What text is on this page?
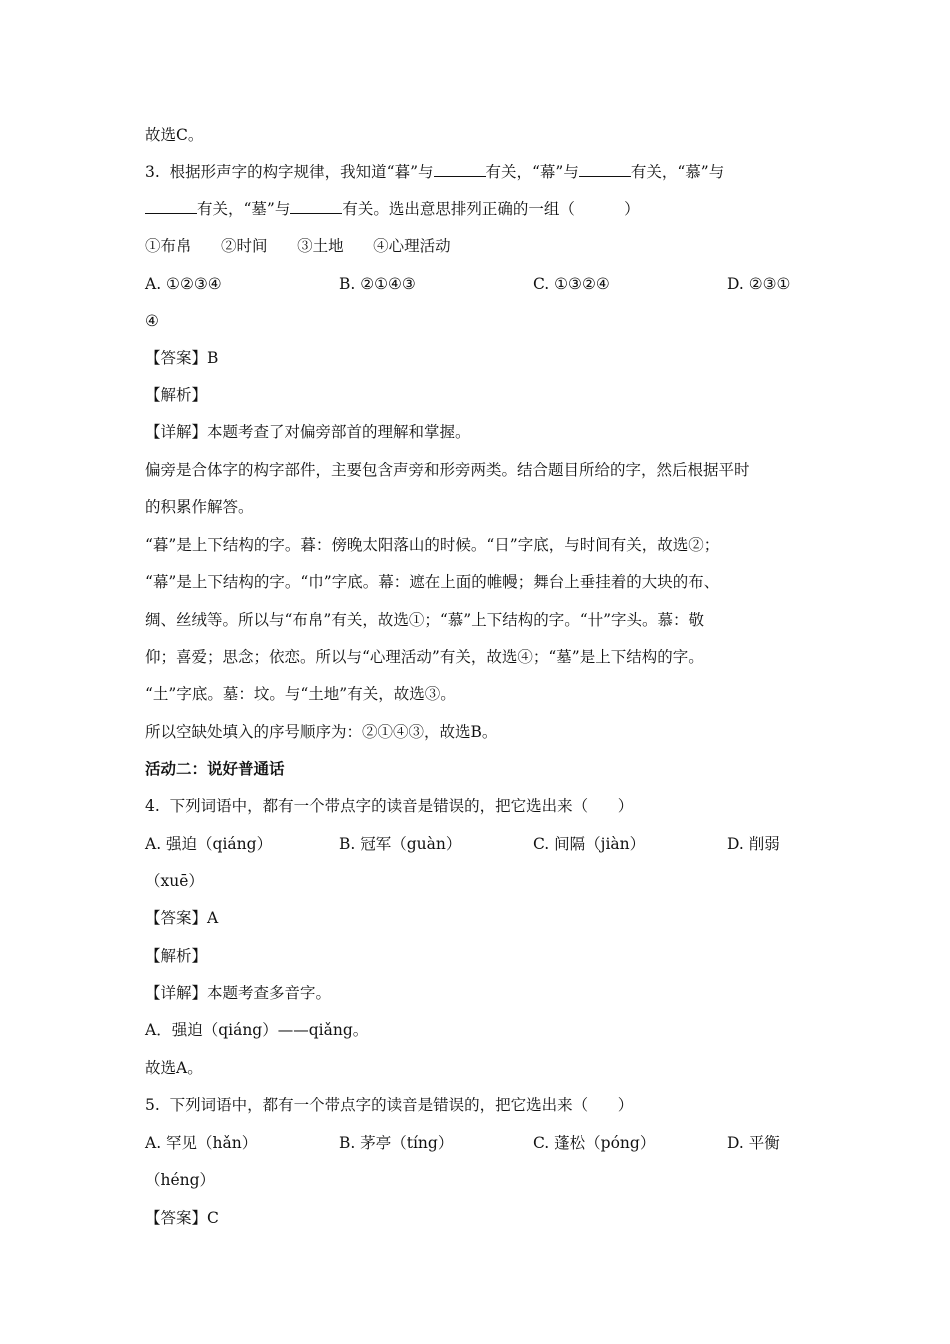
故选C。
3.  根据形声字的构字规律，我知道“暮”与	有关，“幕”与	有关，“慕”与
有关，“墓”与	有关。选出意思排列正确的一组（          ）
①布帛      ②时间      ③土地      ④心理活动
A. ①②③④	B. ②①④③	C. ①③②④	D. ②③①
④
【答案】B
【解析】
【详解】本题考查了对偏旁部首的理解和掌握。
偏旁是合体字的构字部件，主要包含声旁和形旁两类。结合题目所给的字，然后根据平时
的积累作解答。
“暮”是上下结构的字。暮：傍晚太阳落山的时候。“日”字底，与时间有关，故选②；
“幕”是上下结构的字。“巾”字底。幕：遮在上面的帷幔；舞台上垂挂着的大块的布、
绸、丝绒等。所以与“布帛”有关，故选①；“慕”上下结构的字。“卄”字头。慕：敬
仰；喜爱；思念；依恋。所以与“心理活动”有关，故选④；“墓”是上下结构的字。
“土”字底。墓：坟。与“土地”有关，故选③。
所以空缺处填入的序号顺序为：②①④③，故选B。
活动二：说好普通话
4.  下列词语中，都有一个带点字的读音是错误的，把它选出来（      ）
A. 强迫（qiáng）	B. 冠军（guàn）	C. 间隔（jiàn）	D. 削弱
（xuē）
【答案】A
【解析】
【详解】本题考查多音字。
A．强迫（qiáng）——qiǎng。
故选A。
5.  下列词语中，都有一个带点字的读音是错误的，把它选出来（      ）
A. 罕见（hǎn）	B. 茅亭（tíng）	C. 蓬松（póng）	D. 平衡
（héng）
【答案】C
